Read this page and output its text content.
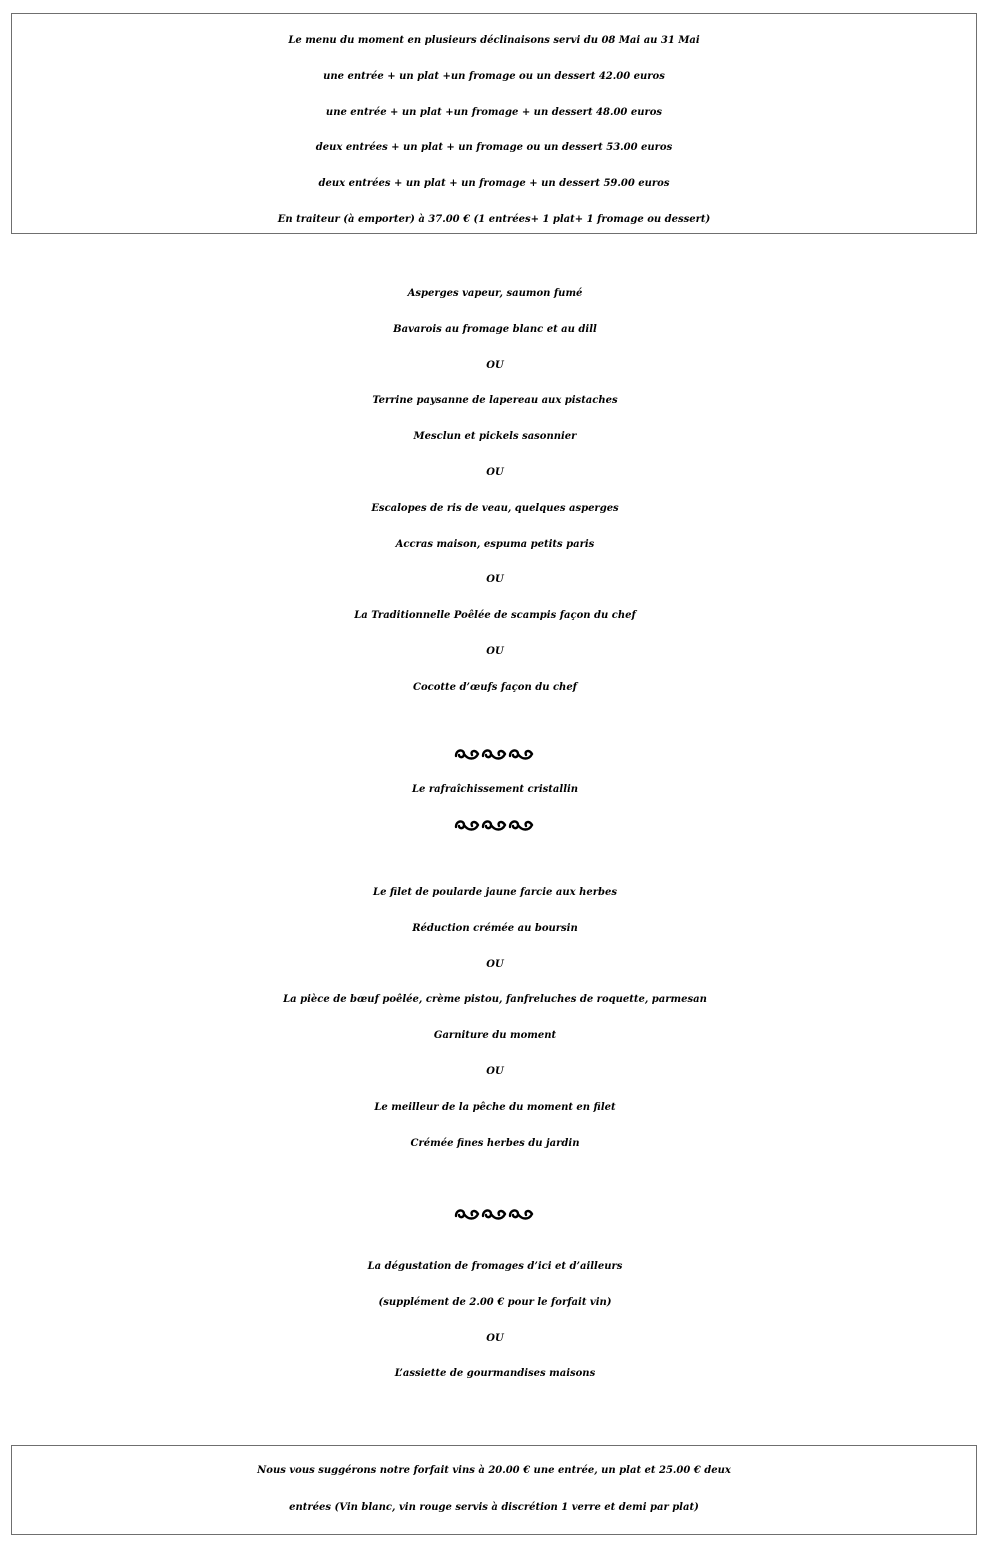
Le menu du moment en plusieurs déclinaisons servi du 08 Mai au 31 Mai
une entrée + un plat +un fromage ou un dessert 42.00 euros
une entrée + un plat +un fromage + un dessert 48.00 euros
deux entrées + un plat + un fromage ou un dessert 53.00 euros
deux entrées + un plat + un fromage + un dessert 59.00 euros
En traiteur (à emporter) à 37.00 € (1 entrées+ 1 plat+ 1 fromage ou dessert)
Asperges vapeur, saumon fumé
Bavarois au fromage blanc et au dill
OU
Terrine paysanne de lapereau aux pistaches
Mesclun et pickels sasonnier
OU
Escalopes de ris de veau, quelques asperges
Accras maison, espuma petits paris
OU
La Traditionnelle Poêlée de scampis façon du chef
OU
Cocotte d’œufs façon du chef
Le rafraîchissement cristallin
Le filet de poularde jaune farcie aux herbes
Réduction crémée au boursin
OU
La pièce de bœuf poêlée, crème pistou, fanfreluches de roquette, parmesan
Garniture du moment
OU
Le meilleur de la pêche du moment en filet
Crémée fines herbes du jardin
La dégustation de fromages d’ici et d’ailleurs
(supplément de 2.00 € pour le forfait vin)
OU
L’assiette de gourmandises maisons
Nous vous suggérons notre forfait vins à 20.00 € une entrée, un plat et 25.00 € deux
entrées (Vin blanc, vin rouge servis à discrétion 1 verre et demi par plat)
